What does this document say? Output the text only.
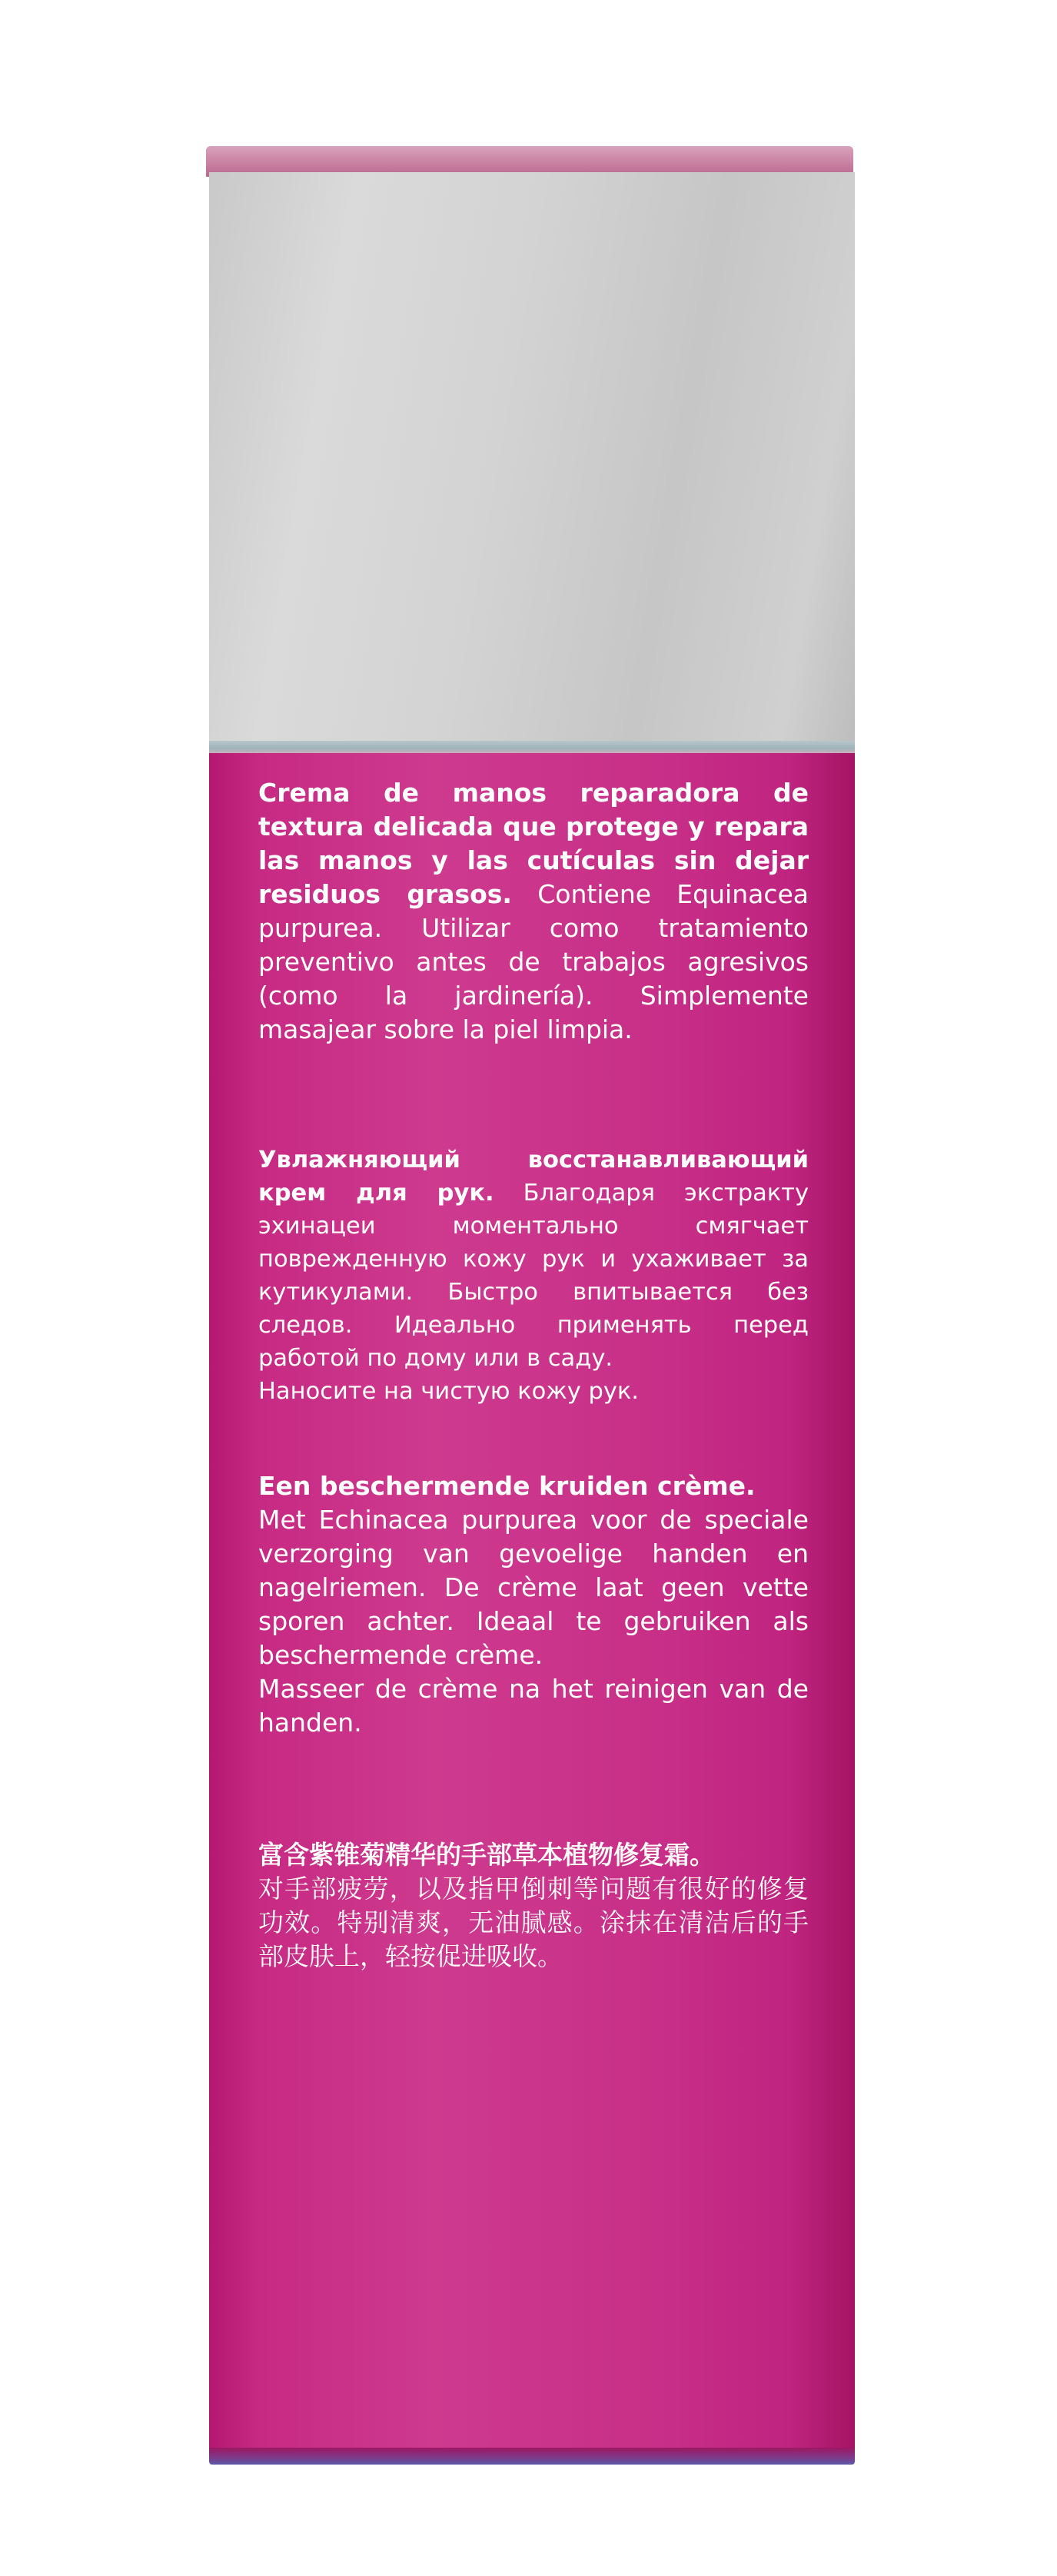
Crema de manos reparadora de textura delicada que protege y repara las manos y las cutículas sin dejar residuos grasos. Contiene Equinacea purpurea. Utilizar como tratamiento preventivo antes de trabajos agresivos (como la jardinería). Simplemente masajear sobre la piel limpia.
Увлажняющий восстанавливающий крем для рук. Благодаря экстракту эхинацеи моментально смягчает поврежденную кожу рук и ухаживает за кутикулами. Быстро впитывается без следов. Идеально применять перед работой по дому или в саду.
Наносите на чистую кожу рук.
Een beschermende kruiden crème.
Met Echinacea purpurea voor de speciale verzorging van gevoelige handen en nagelriemen. De crème laat geen vette sporen achter. Ideaal te gebruiken als beschermende crème.
Masseer de crème na het reinigen van de handen.
富含紫锥菊精华的手部草本植物修复霜。
对手部疲劳，以及指甲倒刺等问题有很好的修复功效。特别清爽，无油腻感。涂抹在清洁后的手部皮肤上，轻按促进吸收。
